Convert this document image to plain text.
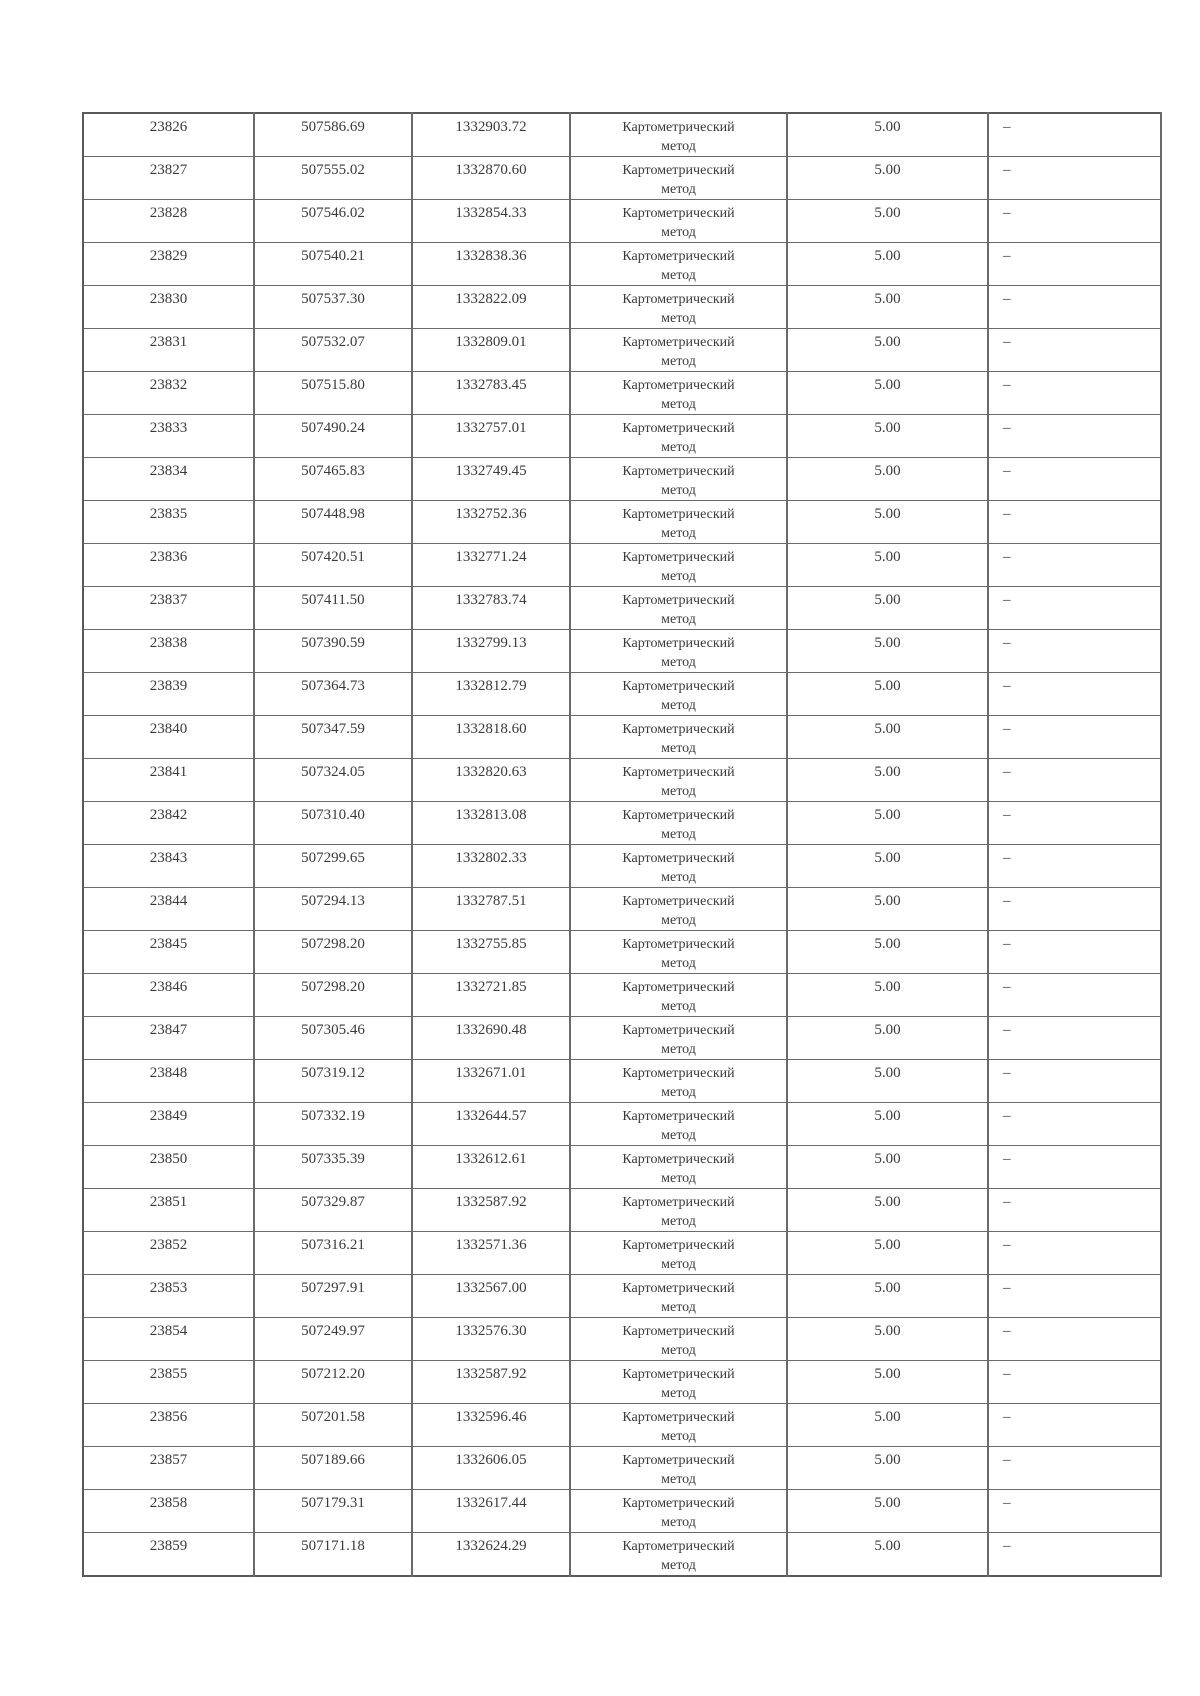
23826	507586.69	1332903.72	Картометрический
метод	5.00	–
23827	507555.02	1332870.60	Картометрический
метод	5.00	–
23828	507546.02	1332854.33	Картометрический
метод	5.00	–
23829	507540.21	1332838.36	Картометрический
метод	5.00	–
23830	507537.30	1332822.09	Картометрический
метод	5.00	–
23831	507532.07	1332809.01	Картометрический
метод	5.00	–
23832	507515.80	1332783.45	Картометрический
метод	5.00	–
23833	507490.24	1332757.01	Картометрический
метод	5.00	–
23834	507465.83	1332749.45	Картометрический
метод	5.00	–
23835	507448.98	1332752.36	Картометрический
метод	5.00	–
23836	507420.51	1332771.24	Картометрический
метод	5.00	–
23837	507411.50	1332783.74	Картометрический
метод	5.00	–
23838	507390.59	1332799.13	Картометрический
метод	5.00	–
23839	507364.73	1332812.79	Картометрический
метод	5.00	–
23840	507347.59	1332818.60	Картометрический
метод	5.00	–
23841	507324.05	1332820.63	Картометрический
метод	5.00	–
23842	507310.40	1332813.08	Картометрический
метод	5.00	–
23843	507299.65	1332802.33	Картометрический
метод	5.00	–
23844	507294.13	1332787.51	Картометрический
метод	5.00	–
23845	507298.20	1332755.85	Картометрический
метод	5.00	–
23846	507298.20	1332721.85	Картометрический
метод	5.00	–
23847	507305.46	1332690.48	Картометрический
метод	5.00	–
23848	507319.12	1332671.01	Картометрический
метод	5.00	–
23849	507332.19	1332644.57	Картометрический
метод	5.00	–
23850	507335.39	1332612.61	Картометрический
метод	5.00	–
23851	507329.87	1332587.92	Картометрический
метод	5.00	–
23852	507316.21	1332571.36	Картометрический
метод	5.00	–
23853	507297.91	1332567.00	Картометрический
метод	5.00	–
23854	507249.97	1332576.30	Картометрический
метод	5.00	–
23855	507212.20	1332587.92	Картометрический
метод	5.00	–
23856	507201.58	1332596.46	Картометрический
метод	5.00	–
23857	507189.66	1332606.05	Картометрический
метод	5.00	–
23858	507179.31	1332617.44	Картометрический
метод	5.00	–
23859	507171.18	1332624.29	Картометрический
метод	5.00	–
